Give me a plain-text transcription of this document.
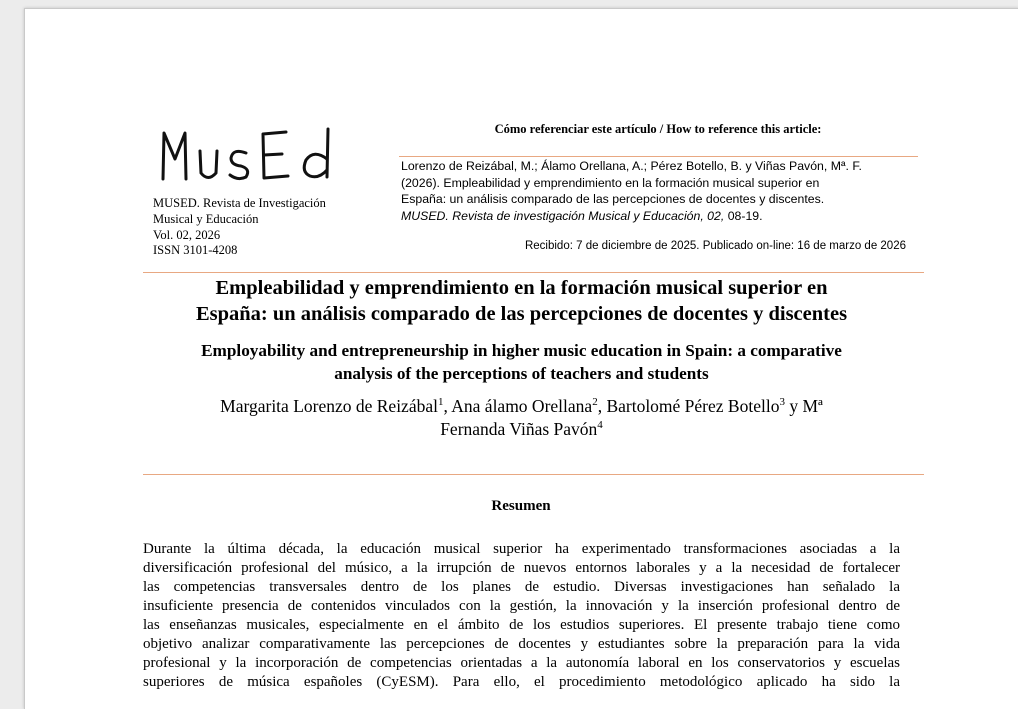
MUSEd
MUSED. Revista de Investigación
Musical y Educación
Vol. 02, 2026
ISSN 3101-4208
Cómo referenciar este artículo / How to reference this article:
Lorenzo de Reizábal, M.; Álamo Orellana, A.; Pérez Botello, B. y Viñas Pavón, Mª. F.
(2026). Empleabilidad y emprendimiento en la formación musical superior en
España: un análisis comparado de las percepciones de docentes y discentes.
MUSED. Revista de investigación Musical y Educación, 02, 08-19.
Recibido: 7 de diciembre de 2025. Publicado on-line: 16 de marzo de 2026
Empleabilidad y emprendimiento en la formación musical superior en
España: un análisis comparado de las percepciones de docentes y discentes
Employability and entrepreneurship in higher music education in Spain: a comparative
analysis of the perceptions of teachers and students
Margarita Lorenzo de Reizábal$^1$, Ana álamo Orellana$^2$, Bartolomé Pérez Botello$^3$ y Mª
Fernanda Viñas Pavón$^4$
Resumen
Durante la última década, la educación musical superior ha experimentado transformaciones asociadas a la
diversificación profesional del músico, a la irrupción de nuevos entornos laborales y a la necesidad de fortalecer
las competencias transversales dentro de los planes de estudio. Diversas investigaciones han señalado la
insuficiente presencia de contenidos vinculados con la gestión, la innovación y la inserción profesional dentro de
las enseñanzas musicales, especialmente en el ámbito de los estudios superiores. El presente trabajo tiene como
objetivo analizar comparativamente las percepciones de docentes y estudiantes sobre la preparación para la vida
profesional y la incorporación de competencias orientadas a la autonomía laboral en los conservatorios y escuelas
superiores de música españoles (CyESM). Para ello, el procedimiento metodológico aplicado ha sido la
